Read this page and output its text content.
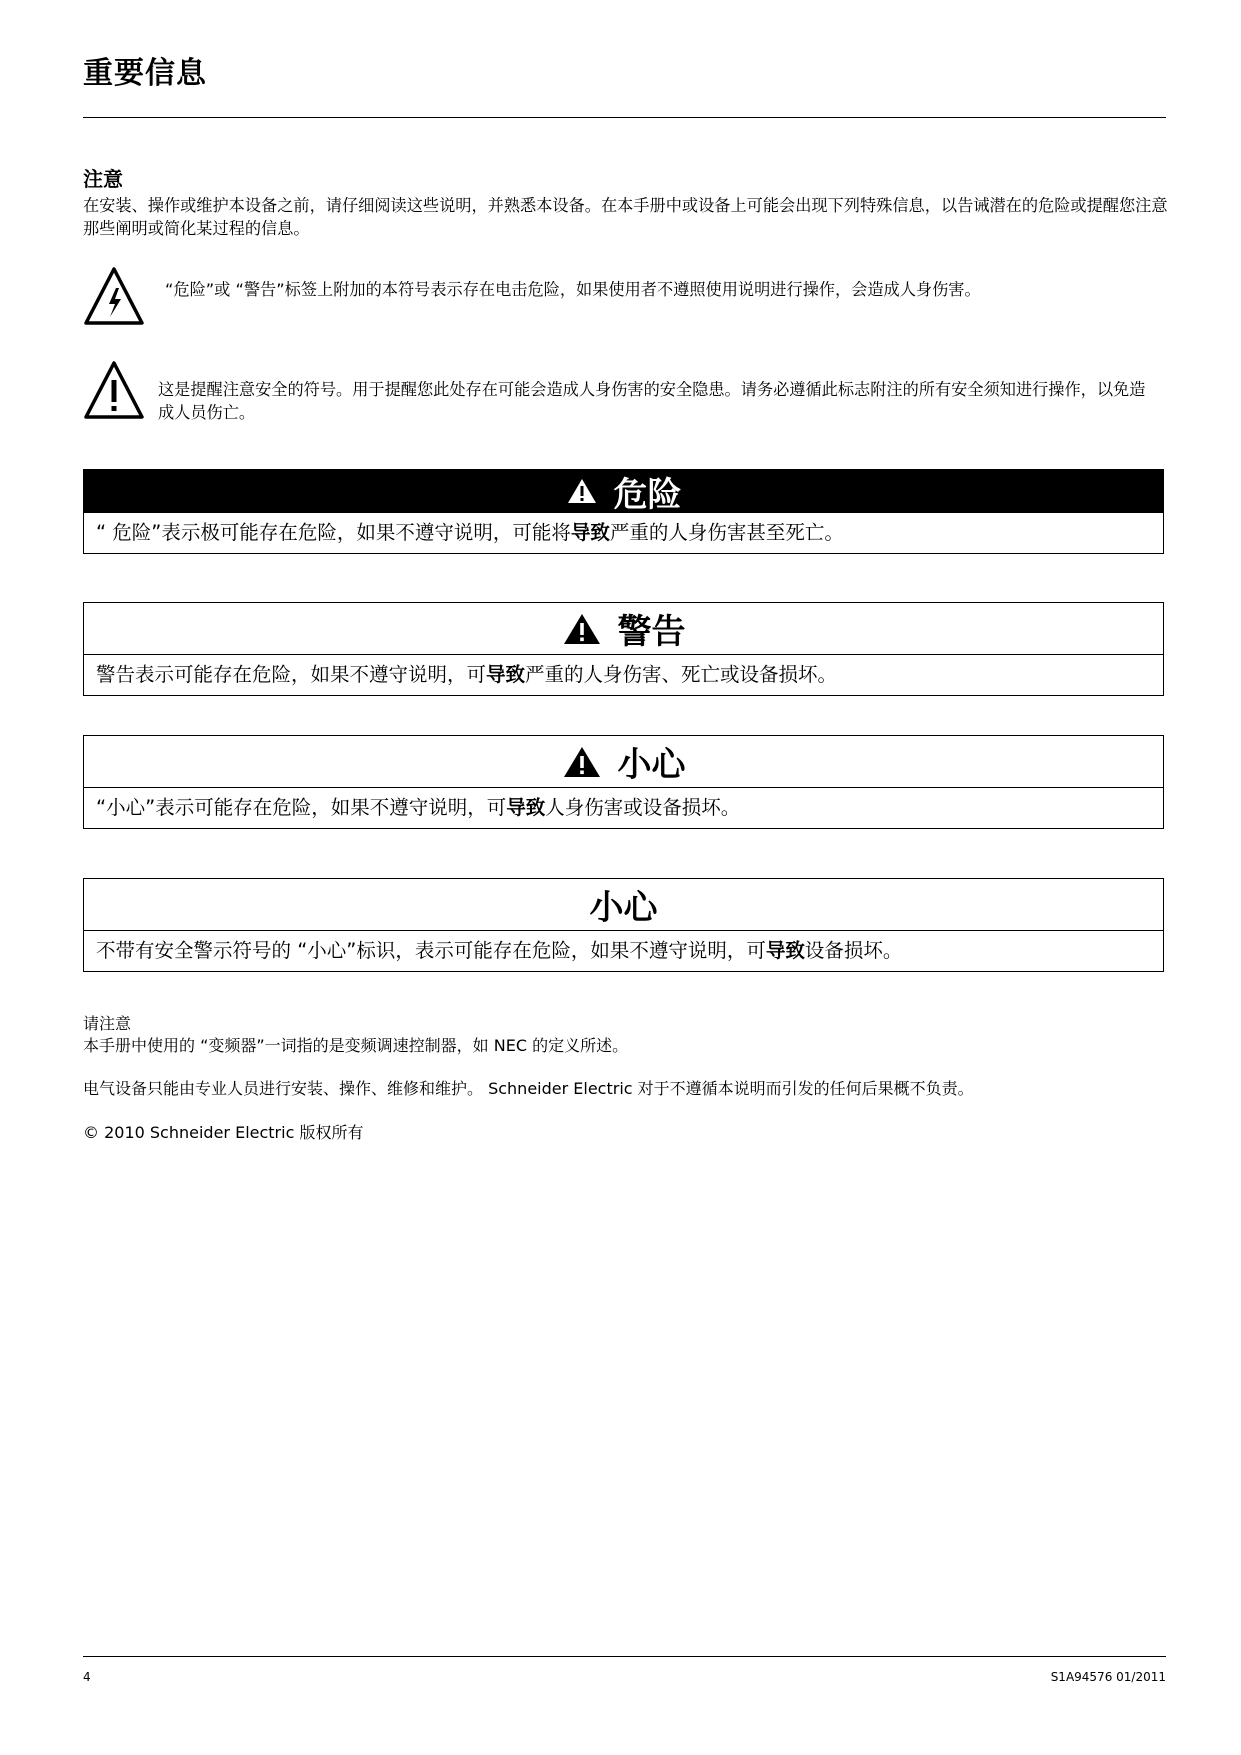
重要信息
注意
在安装、操作或维护本设备之前，请仔细阅读这些说明，并熟悉本设备。在本手册中或设备上可能会出现下列特殊信息，以告诫潜在的危险或提醒您注意那些阐明或简化某过程的信息。
“危险”或 “警告”标签上附加的本符号表示存在电击危险，如果使用者不遵照使用说明进行操作，会造成人身伤害。
这是提醒注意安全的符号。用于提醒您此处存在可能会造成人身伤害的安全隐患。请务必遵循此标志附注的所有安全须知进行操作，以免造成人员伤亡。
危险
“ 危险”表示极可能存在危险，如果不遵守说明，可能将导致严重的人身伤害甚至死亡。
警告
警告表示可能存在危险，如果不遵守说明，可导致严重的人身伤害、死亡或设备损坏。
小心
“小心”表示可能存在危险，如果不遵守说明，可导致人身伤害或设备损坏。
小心
不带有安全警示符号的 “小心”标识，表示可能存在危险，如果不遵守说明，可导致设备损坏。
请注意
本手册中使用的 “变频器”一词指的是变频调速控制器，如 NEC 的定义所述。
电气设备只能由专业人员进行安装、操作、维修和维护。 Schneider Electric 对于不遵循本说明而引发的任何后果概不负责。
© 2010 Schneider Electric 版权所有
4	S1A94576 01/2011
